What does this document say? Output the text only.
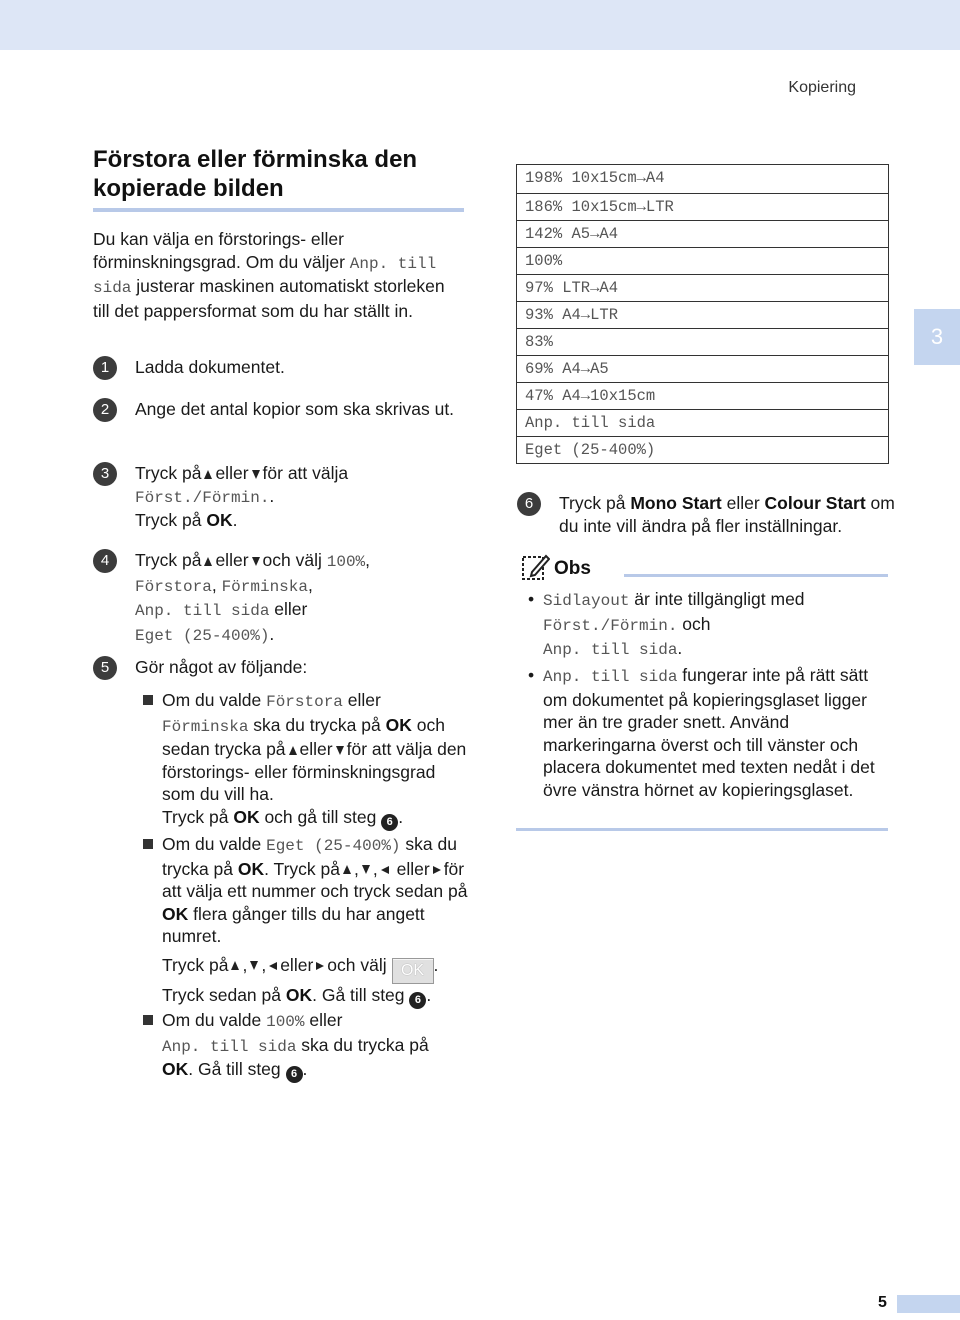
Kopiering
3
Förstora eller förminska den
kopierade bilden
Du kan välja en förstorings- eller förminskningsgrad. Om du väljer Anp. till sida justerar maskinen automatiskt storleken till det pappersformat som du har ställt in.
1	Ladda dokumentet.
2	Ange det antal kopior som ska skrivas ut.
3	Tryck på eller för att välja
Först./Förmin..
Tryck på OK.
4	Tryck på eller och välj 100%,
Förstora, Förminska,
Anp. till sida eller
Eget (25-400%).
5	Gör något av följande:
Om du valde Förstora eller
Förminska ska du trycka på OK och sedan trycka på eller för att välja den förstorings- eller förminskningsgrad som du vill ha.
Tryck på OK och gå till steg 6 .
Om du valde Eget (25-400%) ska du trycka på OK. Tryck på , , eller för att välja ett nummer och tryck sedan på OK flera gånger tills du har angett numret.
Tryck på , , eller och välj OK .
Tryck sedan på OK. Gå till steg 6 .
Om du valde 100% eller
Anp. till sida ska du trycka på
OK. Gå till steg 6 .
198% 10x15cm→A4
186% 10x15cm→LTR
142% A5→A4
100%
97% LTR→A4
93% A4→LTR
83%
69% A4→A5
47% A4→10x15cm
Anp. till sida
Eget (25-400%)
6	Tryck på Mono Start eller Colour Start om du inte vill ändra på fler inställningar.
Obs
• Sidlayout är inte tillgängligt med
Först./Förmin. och
Anp. till sida.
• Anp. till sida fungerar inte på rätt sätt om dokumentet på kopieringsglaset ligger mer än tre grader snett. Använd markeringarna överst och till vänster och placera dokumentet med texten nedåt i det övre vänstra hörnet av kopieringsglaset.
5
